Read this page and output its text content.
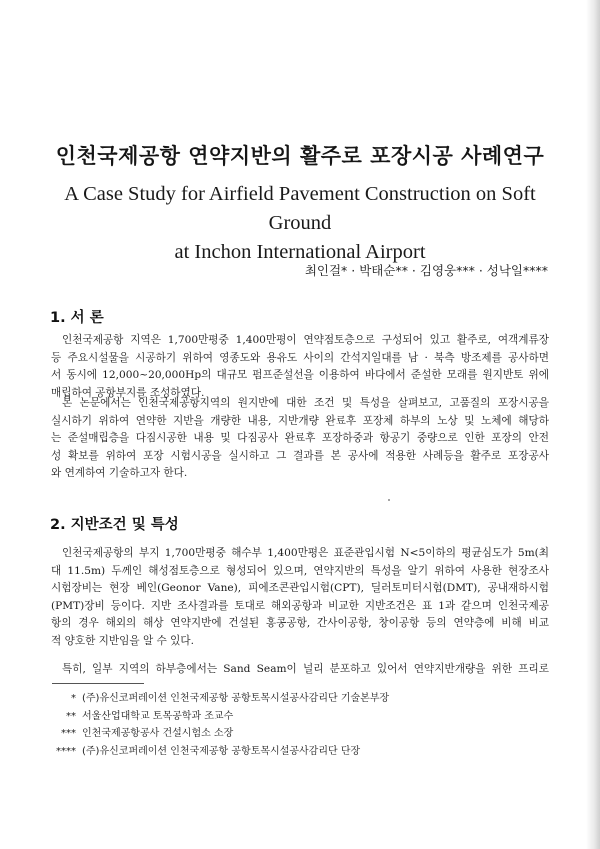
인천국제공항 연약지반의 활주로 포장시공 사례연구
A Case Study for Airfield Pavement Construction on Soft Ground
at Inchon International Airport
최인걸* · 박태순** · 김영웅*** · 성낙일****
1. 서 론

인천국제공항 지역은 1,700만평중 1,400만평이 연약점토층으로 구성되어 있고 활주로, 여객계류장
등 주요시설물을 시공하기 위하여 영종도와 용유도 사이의 간석지일대를 남 · 북측 방조제를 공사하면
서 동시에 12,000~20,000Hp의 대규모 펌프준설선을 이용하여 바다에서 준설한 모래를 원지반토 위에
매립하여 공항부지를 조성하였다.

본 논문에서는 인천국제공항지역의 원지반에 대한 조건 및 특성을 살펴보고, 고품질의 포장시공을
실시하기 위하여 연약한 지반을 개량한 내용, 지반개량 완료후 포장체 하부의 노상 및 노체에 해당하
는 준설매립층을 다짐시공한 내용 및 다짐공사 완료후 포장하중과 항공기 중량으로 인한 포장의 안전
성 확보를 위하여 포장 시험시공을 실시하고 그 결과를 본 공사에 적용한 사례등을 활주로 포장공사
와 연계하여 기술하고자 한다.

2. 지반조건 및 특성

인천국제공항의 부지 1,700만평중 해수부 1,400만평은 표준관입시험 N<5이하의 평균심도가 5m(최
대 11.5m) 두께인 해성점토층으로 형성되어 있으며, 연약지반의 특성을 알기 위하여 사용한 현장조사
시험장비는 현장 베인(Geonor Vane), 피에조콘관입시험(CPT), 딜러토미터시험(DMT), 공내재하시험
(PMT)장비 등이다. 지반 조사결과를 토대로 해외공항과 비교한 지반조건은 표 1과 같으며 인천국제공
항의 경우 해외의 해상 연약지반에 건설된 홍콩공항, 간사이공항, 창이공항 등의 연약층에 비해 비교
적 양호한 지반임을 알 수 있다.

특히, 일부 지역의 하부층에서는 Sand Seam이 널리 분포하고 있어서 연약지반개량을 위한 프리로

* (주)유신코퍼레이션 인천국제공항 공항토목시설공사감리단 기술본부장
** 서울산업대학교 토목공학과 조교수
*** 인천국제공항공사 건설시험소 소장
**** (주)유신코퍼레이션 인천국제공항 공항토목시설공사감리단 단장
